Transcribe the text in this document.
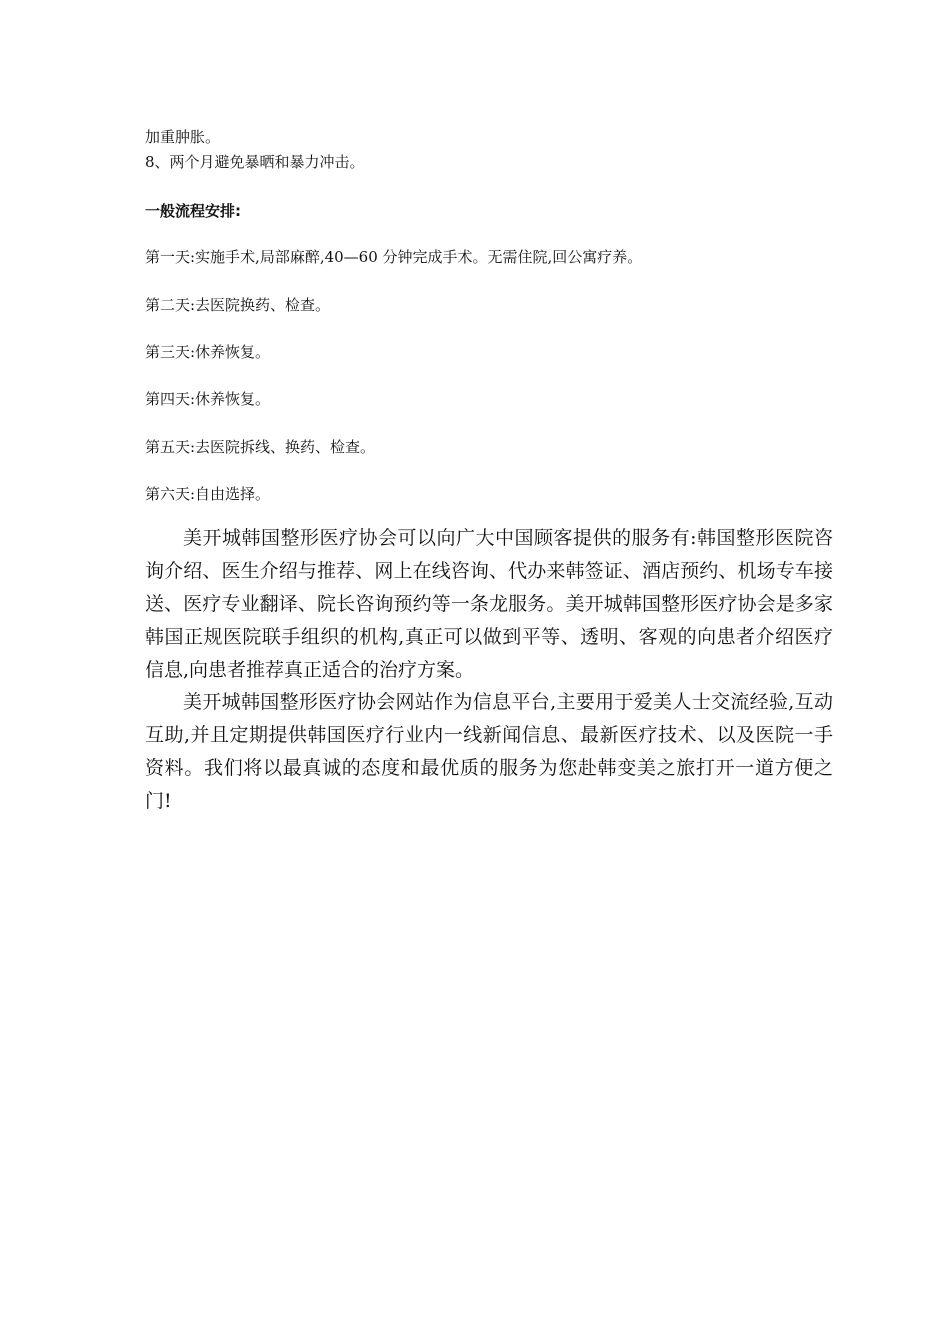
加重肿胀。
8、两个月避免暴晒和暴力冲击。
一般流程安排:
第一天:实施手术,局部麻醉,40—60 分钟完成手术。无需住院,回公寓疗养。
第二天:去医院换药、检查。
第三天:休养恢复。
第四天:休养恢复。
第五天:去医院拆线、换药、检查。
第六天:自由选择。

美开城韩国整形医疗协会可以向广大中国顾客提供的服务有:韩国整形医院咨询介绍、医生介绍与推荐、网上在线咨询、代办来韩签证、酒店预约、机场专车接送、医疗专业翻译、院长咨询预约等一条龙服务。美开城韩国整形医疗协会是多家韩国正规医院联手组织的机构,真正可以做到平等、透明、客观的向患者介绍医疗信息,向患者推荐真正适合的治疗方案。

美开城韩国整形医疗协会网站作为信息平台,主要用于爱美人士交流经验,互动互助,并且定期提供韩国医疗行业内一线新闻信息、最新医疗技术、以及医院一手资料。我们将以最真诚的态度和最优质的服务为您赴韩变美之旅打开一道方便之门!
